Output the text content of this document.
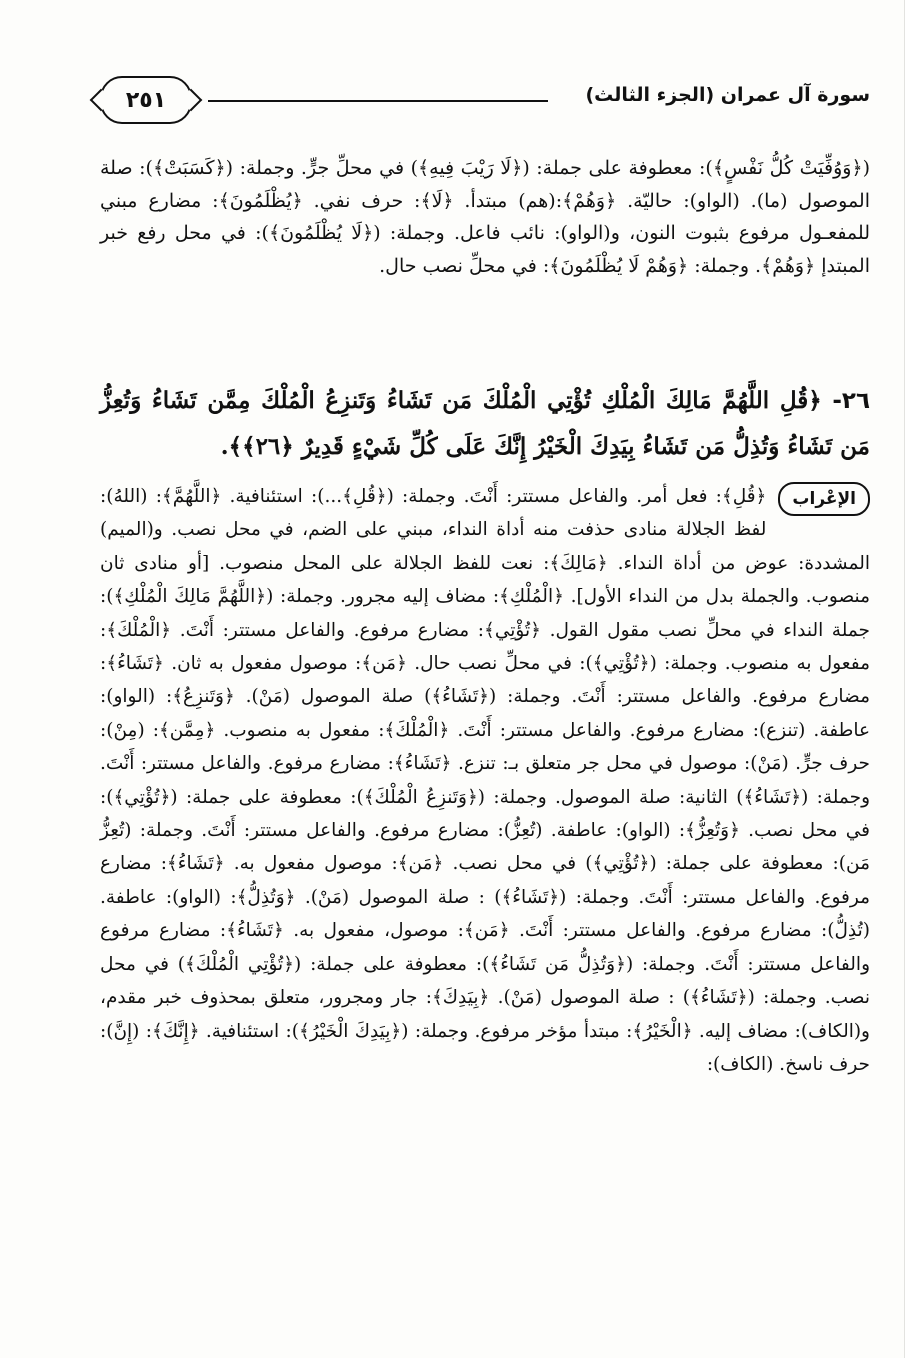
٢٥١	سورة آل عمران (الجزء الثالث)

(﴿وَوُفِّيَتْ كُلُّ نَفْسٍ﴾): معطوفة على جملة: (﴿لَا رَيْبَ فِيهِ﴾) في محلِّ جرٍّ. وجملة: (﴿كَسَبَتْ﴾): صلة الموصول (ما). (الواو): حاليّة. ﴿وَهُمْ﴾:(هم) مبتدأ. ﴿لَا﴾: حرف نفي. ﴿يُظْلَمُونَ﴾: مضارع مبني للمفعـول مرفوع بثبوت النون، و(الواو): نائب فاعل. وجملة: (﴿لَا يُظْلَمُونَ﴾): في محل رفع خبر المبتدإ ﴿وَهُمْ﴾. وجملة: ﴿وَهُمْ لَا يُظْلَمُونَ﴾: في محلِّ نصب حال.

٢٦- ﴿قُلِ اللَّهُمَّ مَالِكَ الْمُلْكِ تُؤْتِي الْمُلْكَ مَن تَشَاءُ وَتَنزِعُ الْمُلْكَ مِمَّن تَشَاءُ وَتُعِزُّ مَن تَشَاءُ وَتُذِلُّ مَن تَشَاءُ بِيَدِكَ الْخَيْرُ إِنَّكَ عَلَى كُلِّ شَيْءٍ قَدِيرٌ ﴿٢٦﴾﴾.
الإعْراب
﴿قُلِ﴾: فعل أمر. والفاعل مستتر: أَنْتَ. وجملة: (﴿قُلِ﴾...): استئنافية. ﴿اللَّهُمَّ﴾: (اللهُ): لفظ الجلالة منادى حذفت منه أداة النداء، مبني على الضم، في محل نصب. و(الميم) المشددة: عوض من أداة النداء. ﴿مَالِكَ﴾: نعت للفظ الجلالة على المحل منصوب. [أو منادى ثان منصوب. والجملة بدل من النداء الأول]. ﴿الْمُلْكِ﴾: مضاف إليه مجرور. وجملة: (﴿اللَّهُمَّ مَالِكَ الْمُلْكِ﴾): جملة النداء في محلِّ نصب مقول القول. ﴿تُؤْتِي﴾: مضارع مرفوع. والفاعل مستتر: أَنْتَ. ﴿الْمُلْكَ﴾: مفعول به منصوب. وجملة: (﴿تُؤْتِي﴾): في محلِّ نصب حال. ﴿مَن﴾: موصول مفعول به ثان. ﴿تَشَاءُ﴾: مضارع مرفوع. والفاعل مستتر: أَنْتَ. وجملة: (﴿تَشَاءُ﴾) صلة الموصول (مَنْ). ﴿وَتَنزِعُ﴾: (الواو): عاطفة. (تنزع): مضارع مرفوع. والفاعل مستتر: أَنْتَ. ﴿الْمُلْكَ﴾: مفعول به منصوب. ﴿مِمَّن﴾: (مِنْ): حرف جرٍّ. (مَنْ): موصول في محل جر متعلق بـ: تنزع. ﴿تَشَاءُ﴾: مضارع مرفوع. والفاعل مستتر: أَنْتَ. وجملة: (﴿تَشَاءُ﴾) الثانية: صلة الموصول. وجملة: (﴿وَتَنزِعُ الْمُلْكَ﴾): معطوفة على جملة: (﴿تُؤْتِي﴾): في محل نصب. ﴿وَتُعِزُّ﴾: (الواو): عاطفة. (تُعِزُّ): مضارع مرفوع. والفاعل مستتر: أَنْتَ. وجملة: (تُعِزُّ مَن): معطوفة على جملة: (﴿تُؤْتِي﴾) في محل نصب. ﴿مَن﴾: موصول مفعول به. ﴿تَشَاءُ﴾: مضارع مرفوع. والفاعل مستتر: أَنْتَ. وجملة: (﴿تَشَاءُ﴾) : صلة الموصول (مَنْ). ﴿وَتُذِلُّ﴾: (الواو): عاطفة. (تُذِلُّ): مضارع مرفوع. والفاعل مستتر: أَنْتَ. ﴿مَن﴾: موصول، مفعول به. ﴿تَشَاءُ﴾: مضارع مرفوع والفاعل مستتر: أَنْتَ. وجملة: (﴿وَتُذِلُّ مَن تَشَاءُ﴾): معطوفة على جملة: (﴿تُؤْتِي الْمُلْكَ﴾) في محل نصب. وجملة: (﴿تَشَاءُ﴾) : صلة الموصول (مَنْ). ﴿بِيَدِكَ﴾: جار ومجرور، متعلق بمحذوف خبر مقدم، و(الكاف): مضاف إليه. ﴿الْخَيْرُ﴾: مبتدأ مؤخر مرفوع. وجملة: (﴿بِيَدِكَ الْخَيْرُ﴾): استئنافية. ﴿إِنَّكَ﴾: (إِنَّ): حرف ناسخ. (الكاف):
